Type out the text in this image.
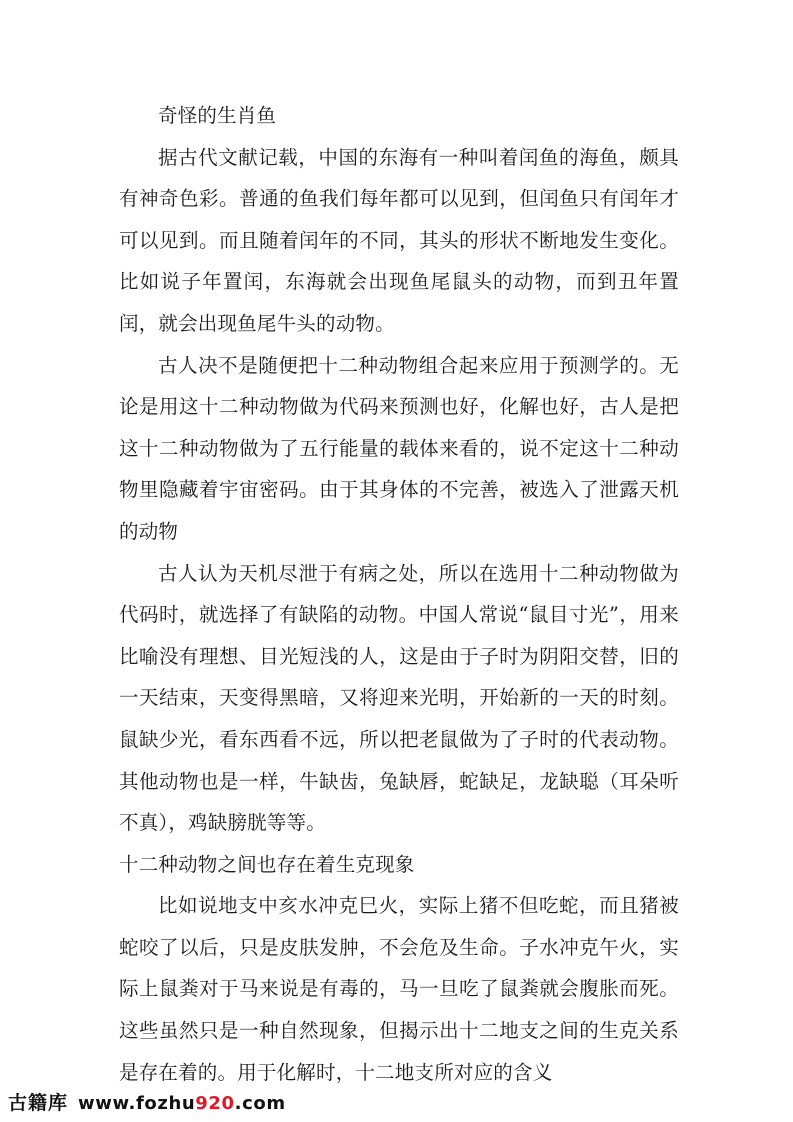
奇怪的生肖鱼

据古代文献记载，中国的东海有一种叫着闰鱼的海鱼，颇具有神奇色彩。普通的鱼我们每年都可以见到，但闰鱼只有闰年才可以见到。而且随着闰年的不同，其头的形状不断地发生变化。比如说子年置闰，东海就会出现鱼尾鼠头的动物，而到丑年置闰，就会出现鱼尾牛头的动物。

古人决不是随便把十二种动物组合起来应用于预测学的。无论是用这十二种动物做为代码来预测也好，化解也好，古人是把这十二种动物做为了五行能量的载体来看的，说不定这十二种动物里隐藏着宇宙密码。由于其身体的不完善，被选入了泄露天机的动物

古人认为天机尽泄于有病之处，所以在选用十二种动物做为代码时，就选择了有缺陷的动物。中国人常说“鼠目寸光”，用来比喻没有理想、目光短浅的人，这是由于子时为阴阳交替，旧的一天结束，天变得黑暗，又将迎来光明，开始新的一天的时刻。鼠缺少光，看东西看不远，所以把老鼠做为了子时的代表动物。其他动物也是一样，牛缺齿，兔缺唇，蛇缺足，龙缺聪（耳朵听不真），鸡缺膀胱等等。

十二种动物之间也存在着生克现象

比如说地支中亥水冲克巳火，实际上猪不但吃蛇，而且猪被蛇咬了以后，只是皮肤发肿，不会危及生命。子水冲克午火，实际上鼠粪对于马来说是有毒的，马一旦吃了鼠粪就会腹胀而死。这些虽然只是一种自然现象，但揭示出十二地支之间的生克关系是存在着的。用于化解时，十二地支所对应的含义

古籍库 www.fozhu920.com
